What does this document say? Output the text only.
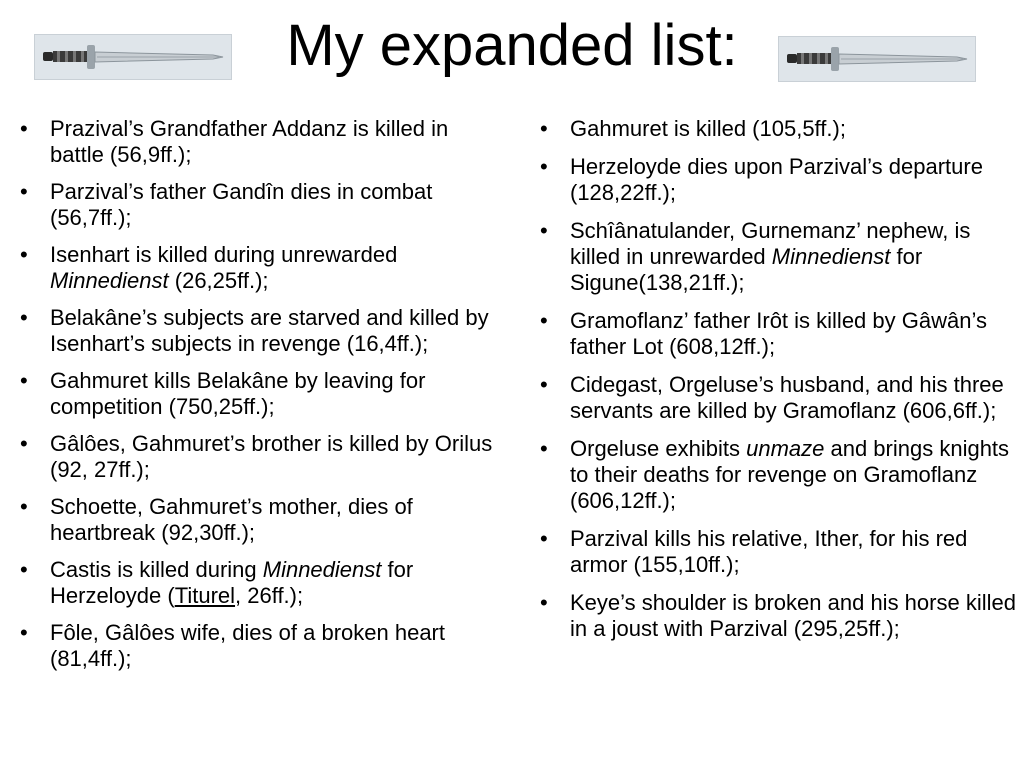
My expanded list:
• Prazival’s Grandfather Addanz is killed in battle (56,9ff.);
• Parzival’s father Gandîn dies in combat (56,7ff.);
• Isenhart is killed during unrewarded Minnedienst (26,25ff.);
• Belakâne’s subjects are starved and killed by Isenhart’s subjects in revenge (16,4ff.);
• Gahmuret kills Belakâne by leaving for competition (750,25ff.);
• Gâlôes, Gahmuret’s brother is killed by Orilus (92, 27ff.);
• Schoette, Gahmuret’s mother, dies of heartbreak (92,30ff.);
• Castis is killed during Minnedienst for Herzeloyde (Titurel, 26ff.);
• Fôle, Gâlôes wife, dies of a broken heart (81,4ff.);
• Gahmuret is killed (105,5ff.);
• Herzeloyde dies upon Parzival’s departure (128,22ff.);
• Schîânatulander, Gurnemanz’ nephew, is killed in unrewarded Minnedienst for Sigune(138,21ff.);
• Gramoflanz’ father Irôt is killed by Gâwân’s father Lot (608,12ff.);
• Cidegast, Orgeluse’s husband, and his three servants are killed by Gramoflanz (606,6ff.);
• Orgeluse exhibits unmaze and brings knights to their deaths for revenge on Gramoflanz (606,12ff.);
• Parzival kills his relative, Ither, for his red armor (155,10ff.);
• Keye’s shoulder is broken and his horse killed in a joust with Parzival (295,25ff.);
